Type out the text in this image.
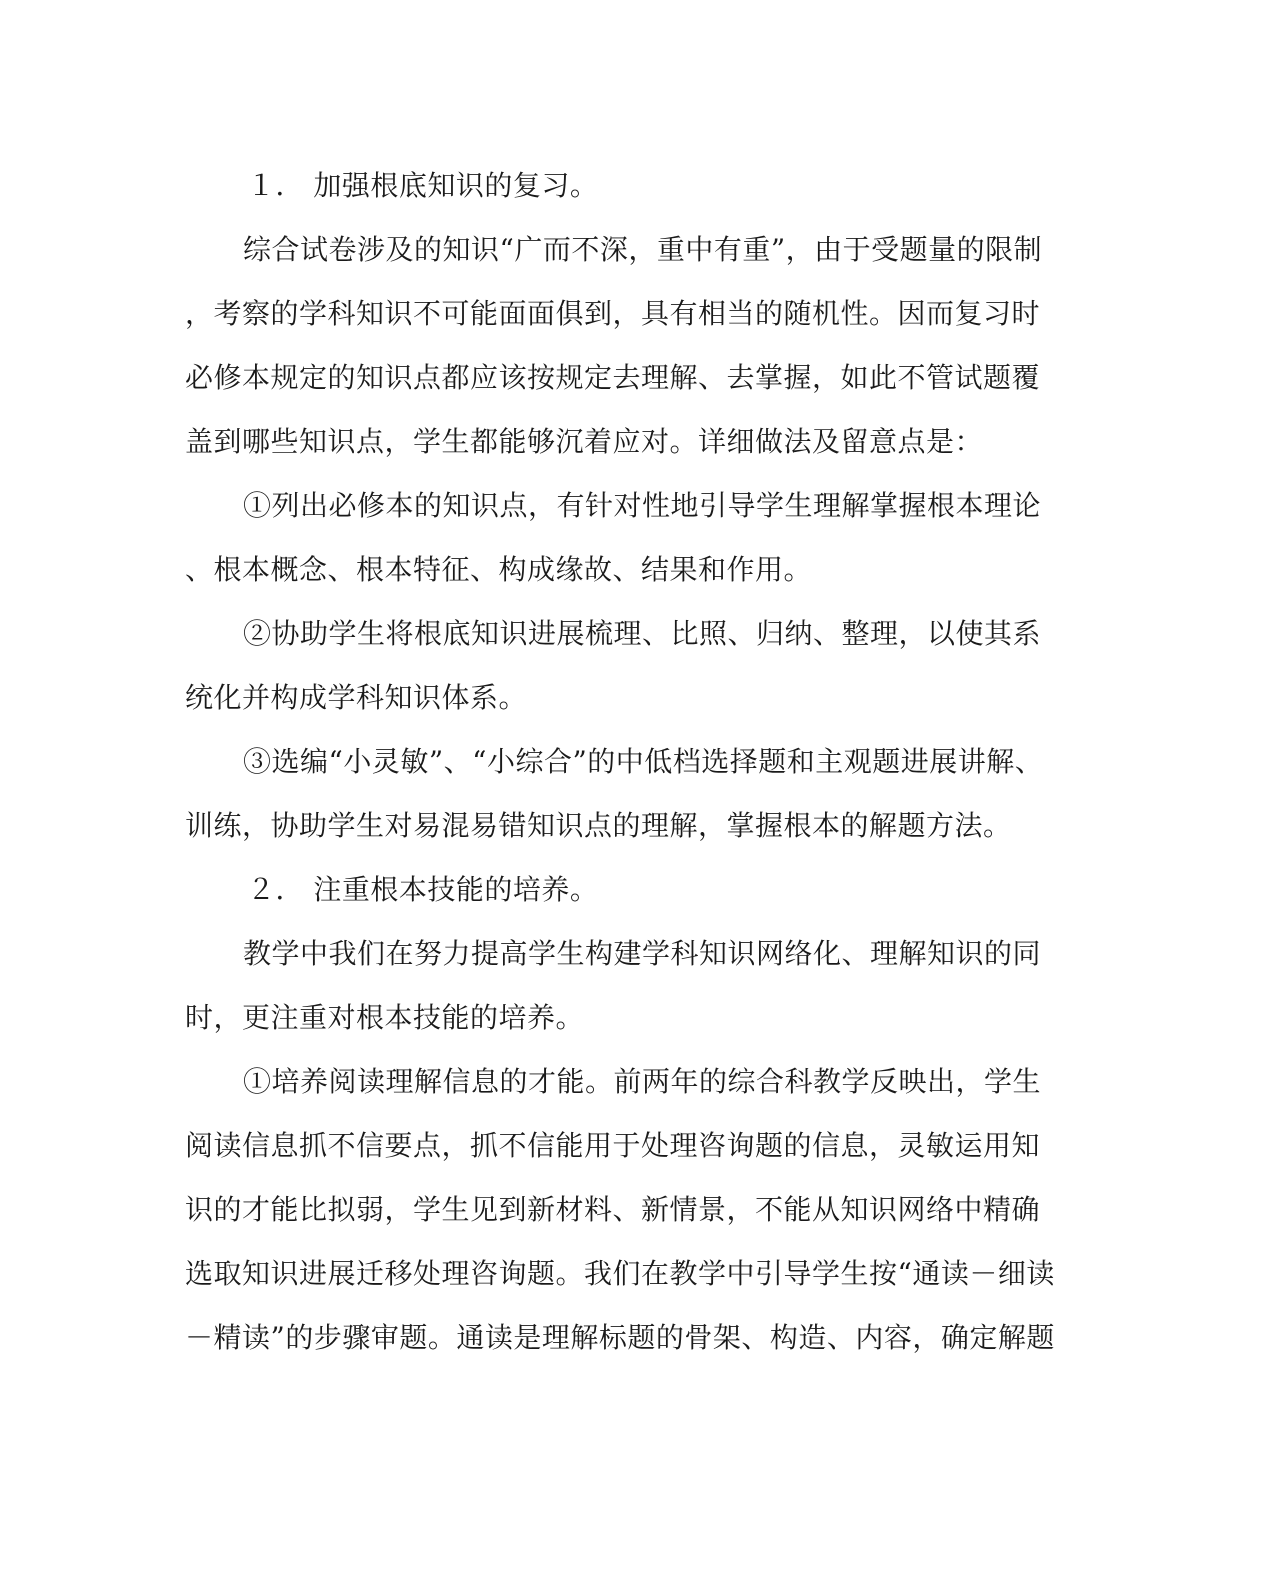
１． 加强根底知识的复习。
综合试卷涉及的知识“广而不深，重中有重”，由于受题量的限制
，考察的学科知识不可能面面俱到，具有相当的随机性。因而复习时
必修本规定的知识点都应该按规定去理解、去掌握，如此不管试题覆
盖到哪些知识点，学生都能够沉着应对。详细做法及留意点是：
①列出必修本的知识点，有针对性地引导学生理解掌握根本理论
、根本概念、根本特征、构成缘故、结果和作用。
②协助学生将根底知识进展梳理、比照、归纳、整理，以使其系
统化并构成学科知识体系。
③选编“小灵敏”、“小综合”的中低档选择题和主观题进展讲解、
训练，协助学生对易混易错知识点的理解，掌握根本的解题方法。
２． 注重根本技能的培养。
教学中我们在努力提高学生构建学科知识网络化、理解知识的同
时，更注重对根本技能的培养。
①培养阅读理解信息的才能。前两年的综合科教学反映出，学生
阅读信息抓不信要点，抓不信能用于处理咨询题的信息，灵敏运用知
识的才能比拟弱，学生见到新材料、新情景，不能从知识网络中精确
选取知识进展迁移处理咨询题。我们在教学中引导学生按“通读－细读
－精读”的步骤审题。通读是理解标题的骨架、构造、内容，确定解题
